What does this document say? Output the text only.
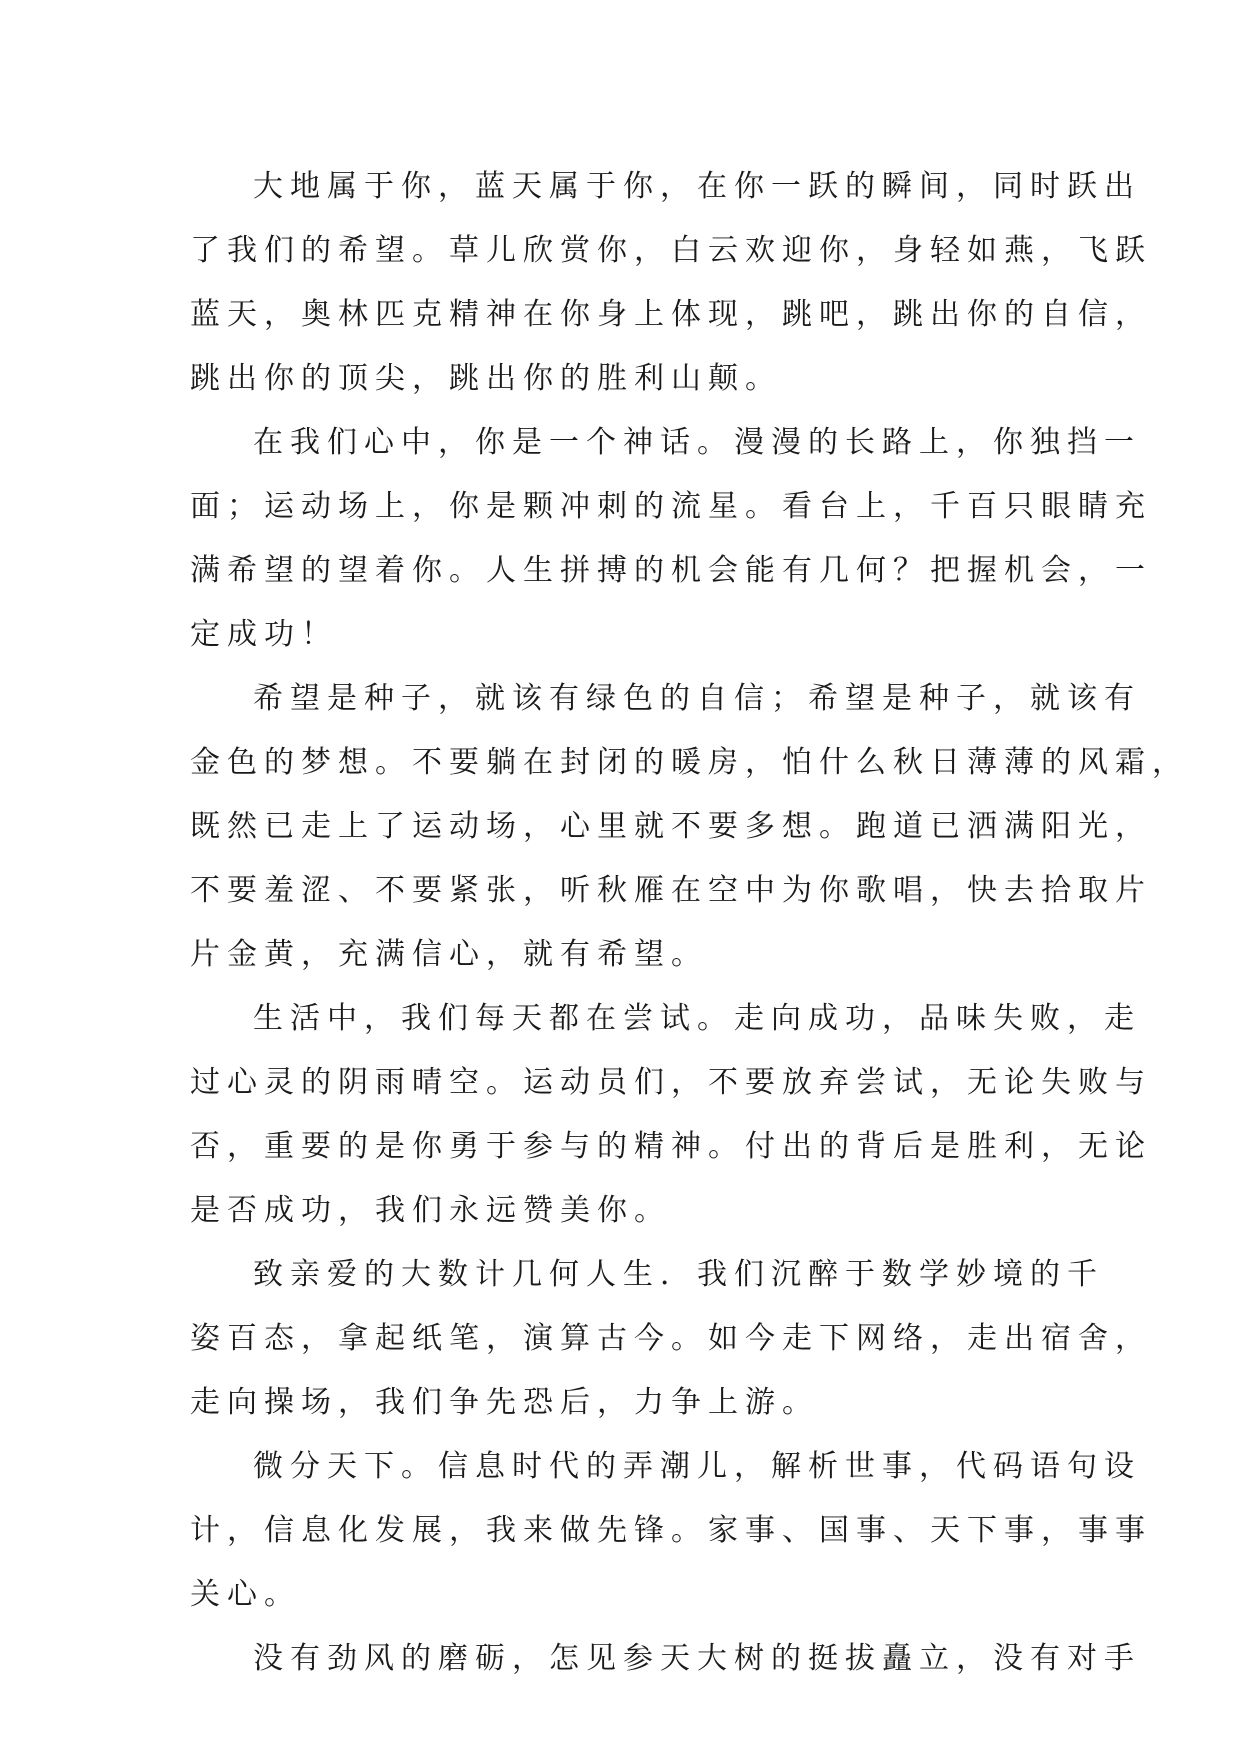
大地属于你，蓝天属于你，在你一跃的瞬间，同时跃出
了我们的希望。草儿欣赏你，白云欢迎你，身轻如燕，飞跃
蓝天，奥林匹克精神在你身上体现，跳吧，跳出你的自信，
跳出你的顶尖，跳出你的胜利山颠。
在我们心中，你是一个神话。漫漫的长路上，你独挡一
面；运动场上，你是颗冲刺的流星。看台上，千百只眼睛充
满希望的望着你。人生拼搏的机会能有几何？把握机会，一
定成功！
希望是种子，就该有绿色的自信；希望是种子，就该有
金色的梦想。不要躺在封闭的暖房，怕什么秋日薄薄的风霜，
既然已走上了运动场，心里就不要多想。跑道已洒满阳光，
不要羞涩、不要紧张，听秋雁在空中为你歌唱，快去拾取片
片金黄，充满信心，就有希望。
生活中，我们每天都在尝试。走向成功，品味失败，走
过心灵的阴雨晴空。运动员们，不要放弃尝试，无论失败与
否，重要的是你勇于参与的精神。付出的背后是胜利，无论
是否成功，我们永远赞美你。
致亲爱的大数计几何人生．我们沉醉于数学妙境的千
姿百态，拿起纸笔，演算古今。如今走下网络，走出宿舍，
走向操场，我们争先恐后，力争上游。
微分天下。信息时代的弄潮儿，解析世事，代码语句设
计，信息化发展，我来做先锋。家事、国事、天下事，事事
关心。
没有劲风的磨砺，怎见参天大树的挺拔矗立，没有对手
